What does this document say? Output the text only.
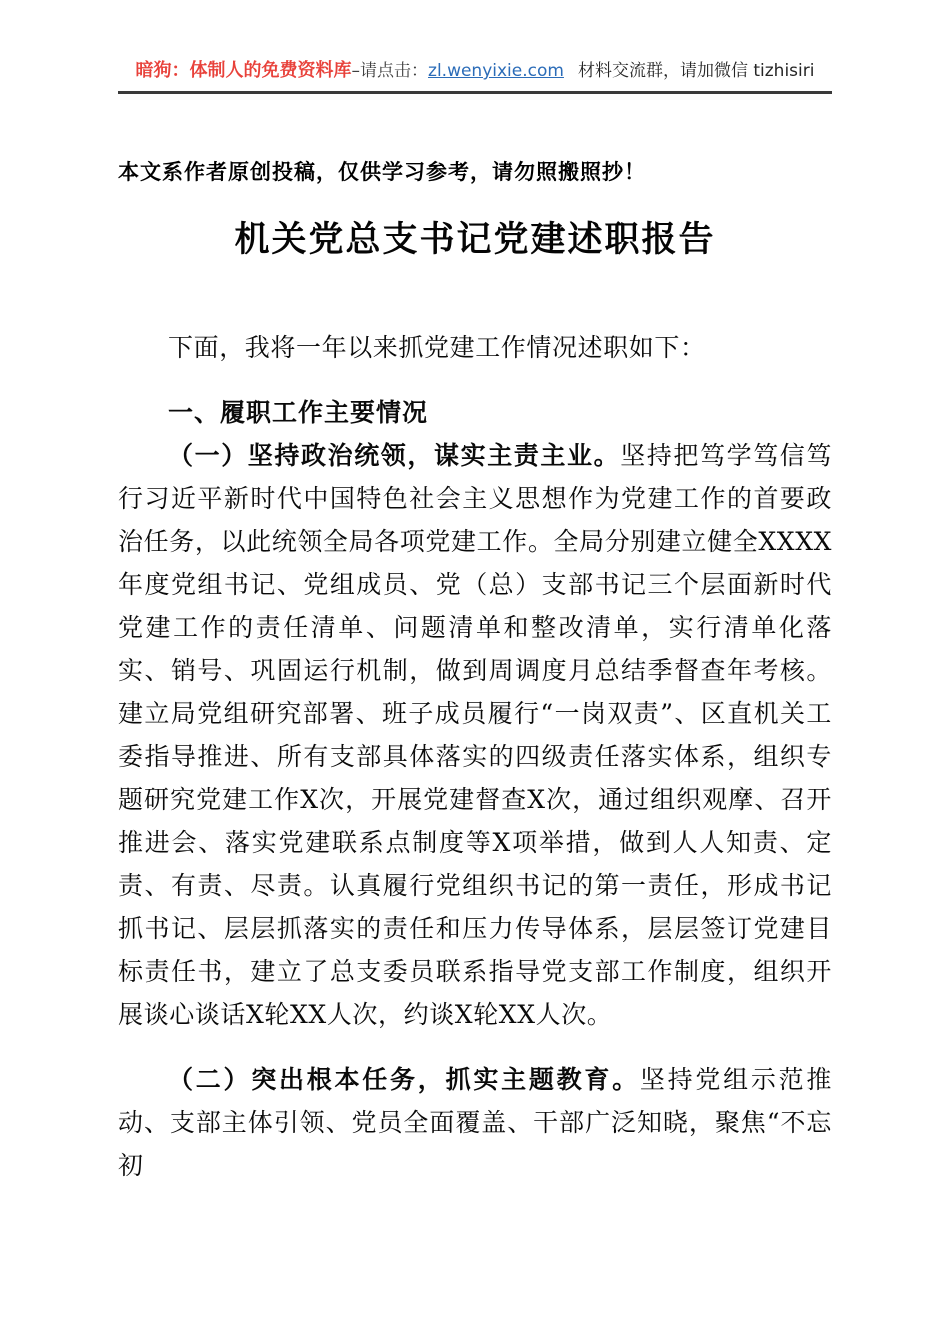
暗狗：体制人的免费资料库–请点击：zl.wenyixie.com 材料交流群，请加微信 tizhisiri
本文系作者原创投稿，仅供学习参考，请勿照搬照抄！
机关党总支书记党建述职报告

下面，我将一年以来抓党建工作情况述职如下：

一、履职工作主要情况

（一）坚持政治统领，谋实主责主业。坚持把笃学笃信笃行习近平新时代中国特色社会主义思想作为党建工作的首要政治任务，以此统领全局各项党建工作。全局分别建立健全XXXX年度党组书记、党组成员、党（总）支部书记三个层面新时代党建工作的责任清单、问题清单和整改清单，实行清单化落实、销号、巩固运行机制，做到周调度月总结季督查年考核。建立局党组研究部署、班子成员履行“一岗双责”、区直机关工委指导推进、所有支部具体落实的四级责任落实体系，组织专题研究党建工作X次，开展党建督查X次，通过组织观摩、召开推进会、落实党建联系点制度等X项举措，做到人人知责、定责、有责、尽责。认真履行党组织书记的第一责任，形成书记抓书记、层层抓落实的责任和压力传导体系，层层签订党建目标责任书，建立了总支委员联系指导党支部工作制度，组织开展谈心谈话X轮XX人次，约谈X轮XX人次。

（二）突出根本任务，抓实主题教育。坚持党组示范推动、支部主体引领、党员全面覆盖、干部广泛知晓，聚焦“不忘初
